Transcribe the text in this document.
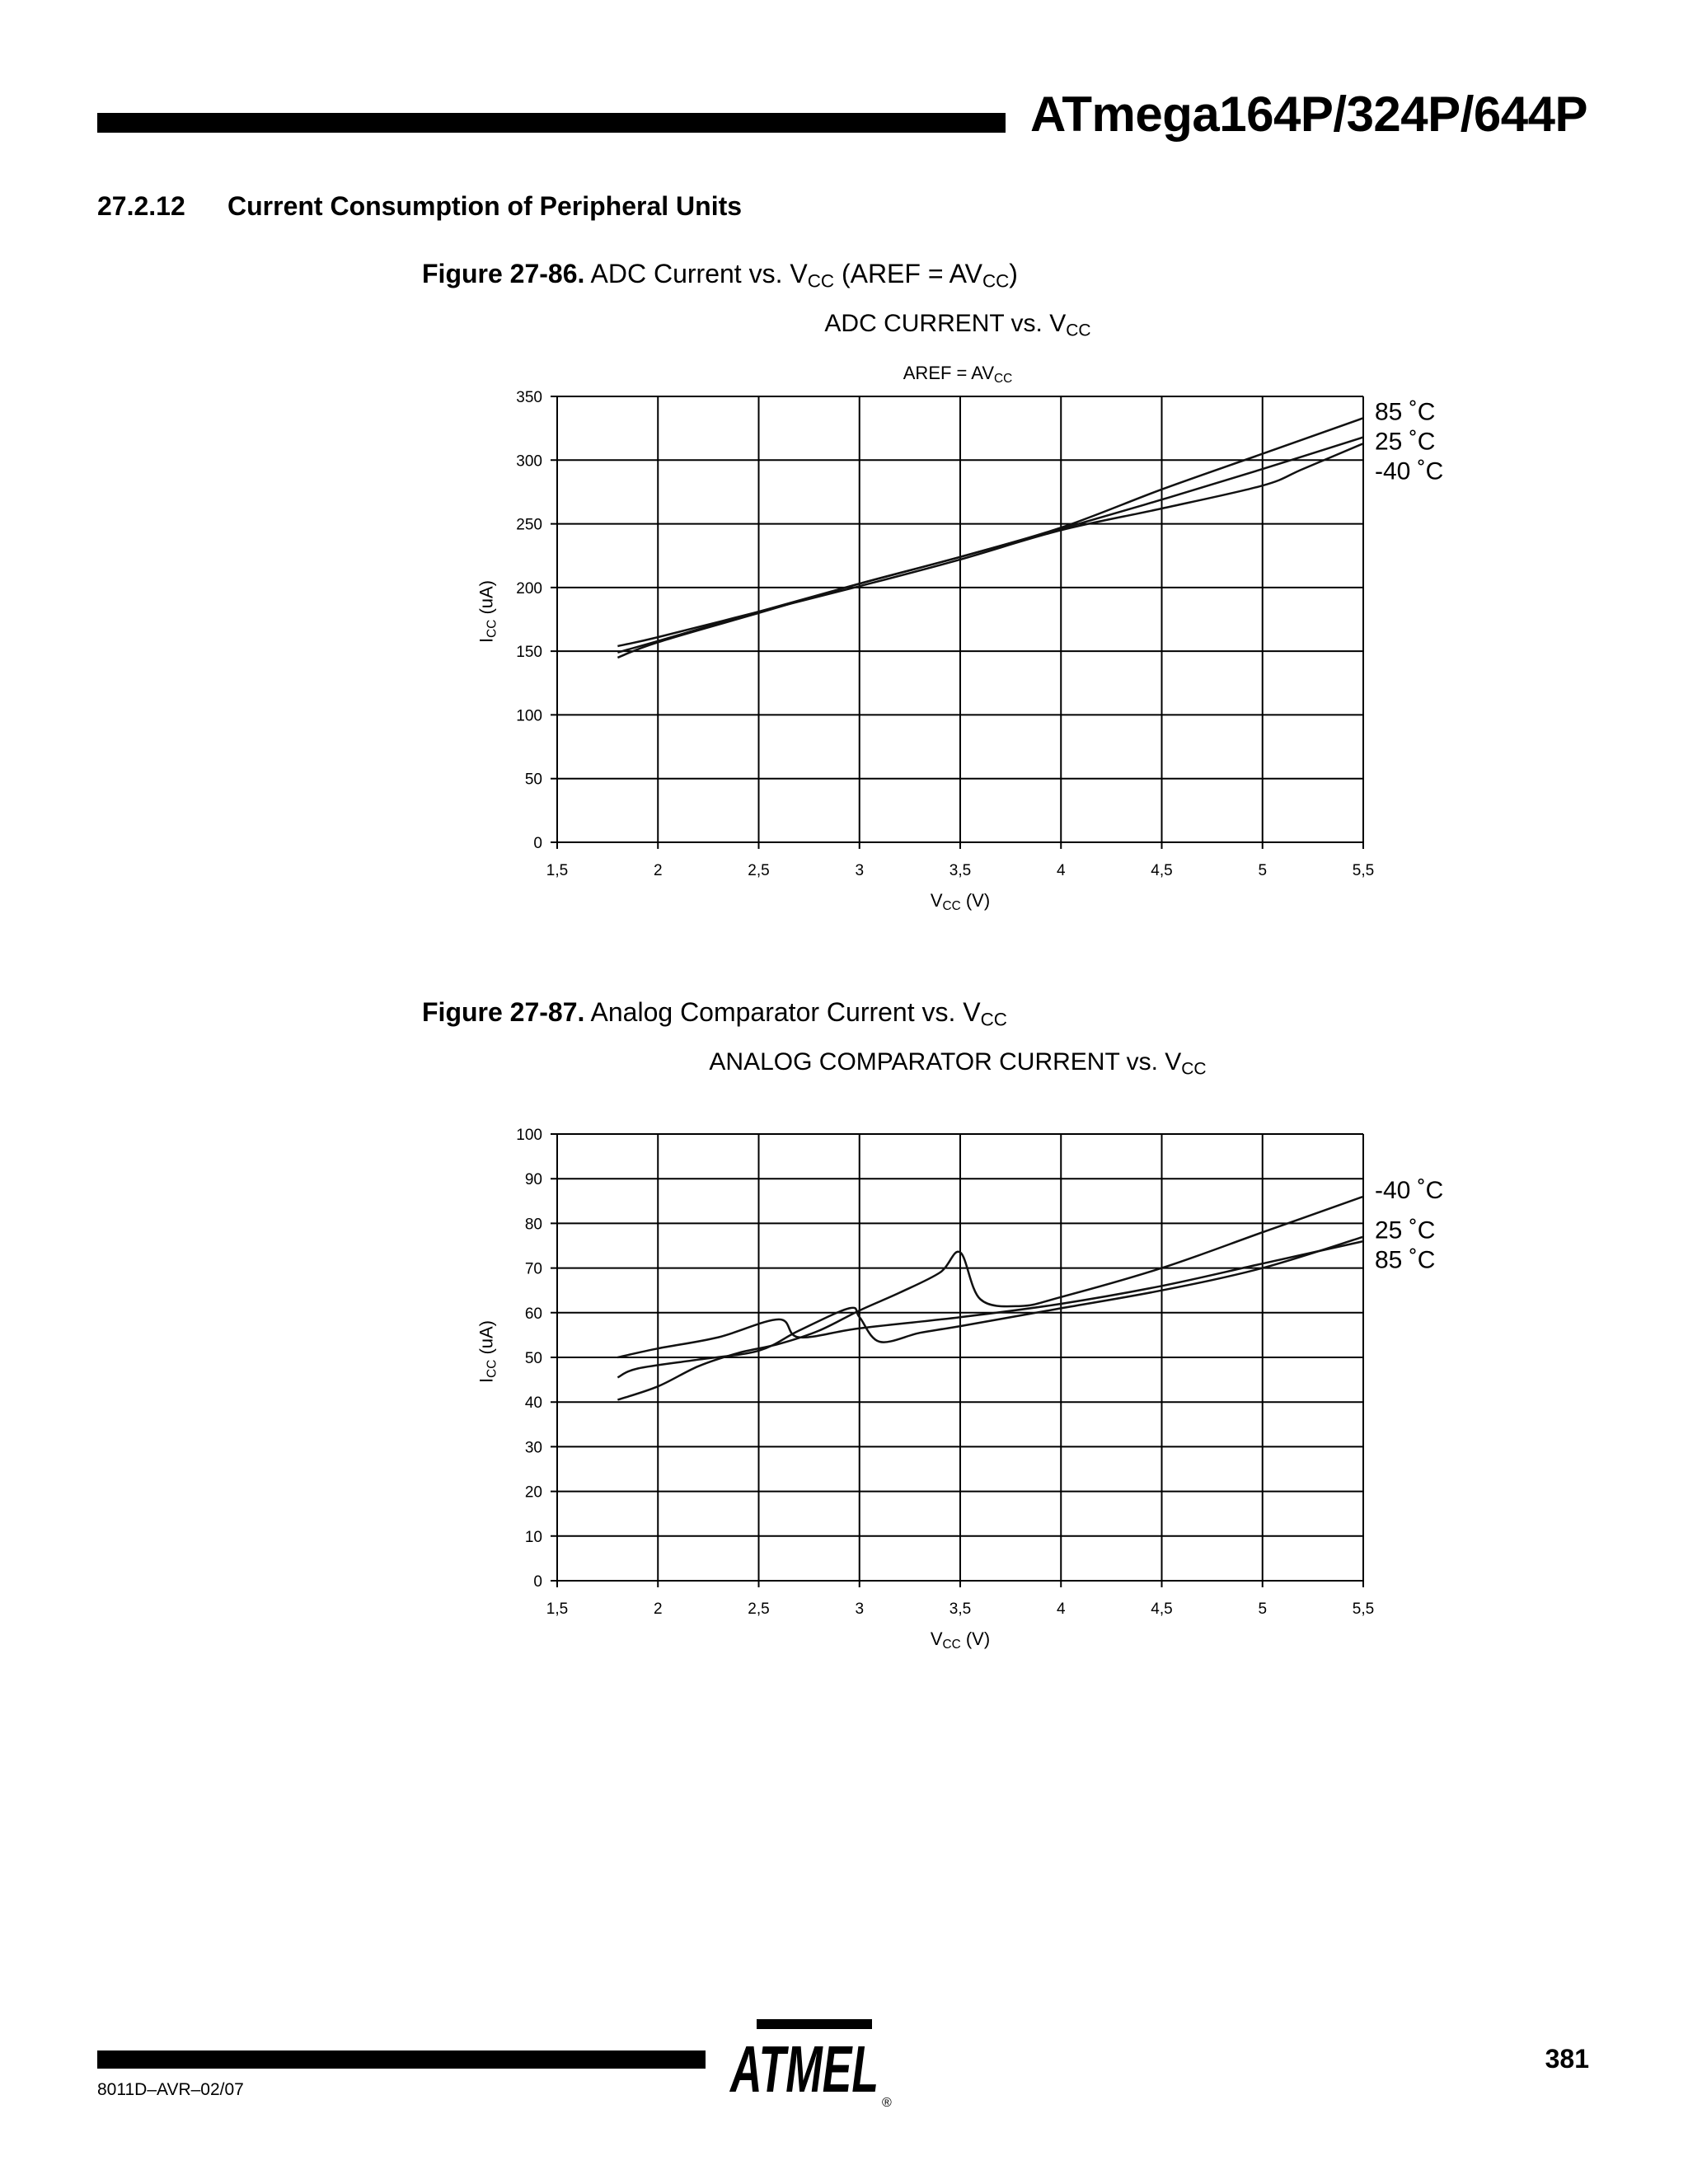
ATmega164P/324P/644P
27.2.12 Current Consumption of Peripheral Units
Figure 27-86. ADC Current vs. $V_{CC}$ (AREF = $AV_{CC}$)
ADC CURRENT vs. $V_{CC}$
AREF = $AV_{CC}$
$I_{CC}$ (uA)
$V_{CC}$ (V)
Figure 27-87. Analog Comparator Current vs. $V_{CC}$
ANALOG COMPARATOR CURRENT vs. $V_{CC}$
$I_{CC}$ (uA)
$V_{CC}$ (V)
1,5	2	2,5	3	3,5	4	4,5	5	5,5
0
50
100
150
200
250
300
350
85 ˚C
25 ˚C
-40 ˚C
1,5	2	2,5	3	3,5	4	4,5	5	5,5
0
10
20
30
40
50
60
70
80
90
100
-40 ˚C
25 ˚C
85 ˚C
8011D–AVR–02/07
381
ATMEL ®
